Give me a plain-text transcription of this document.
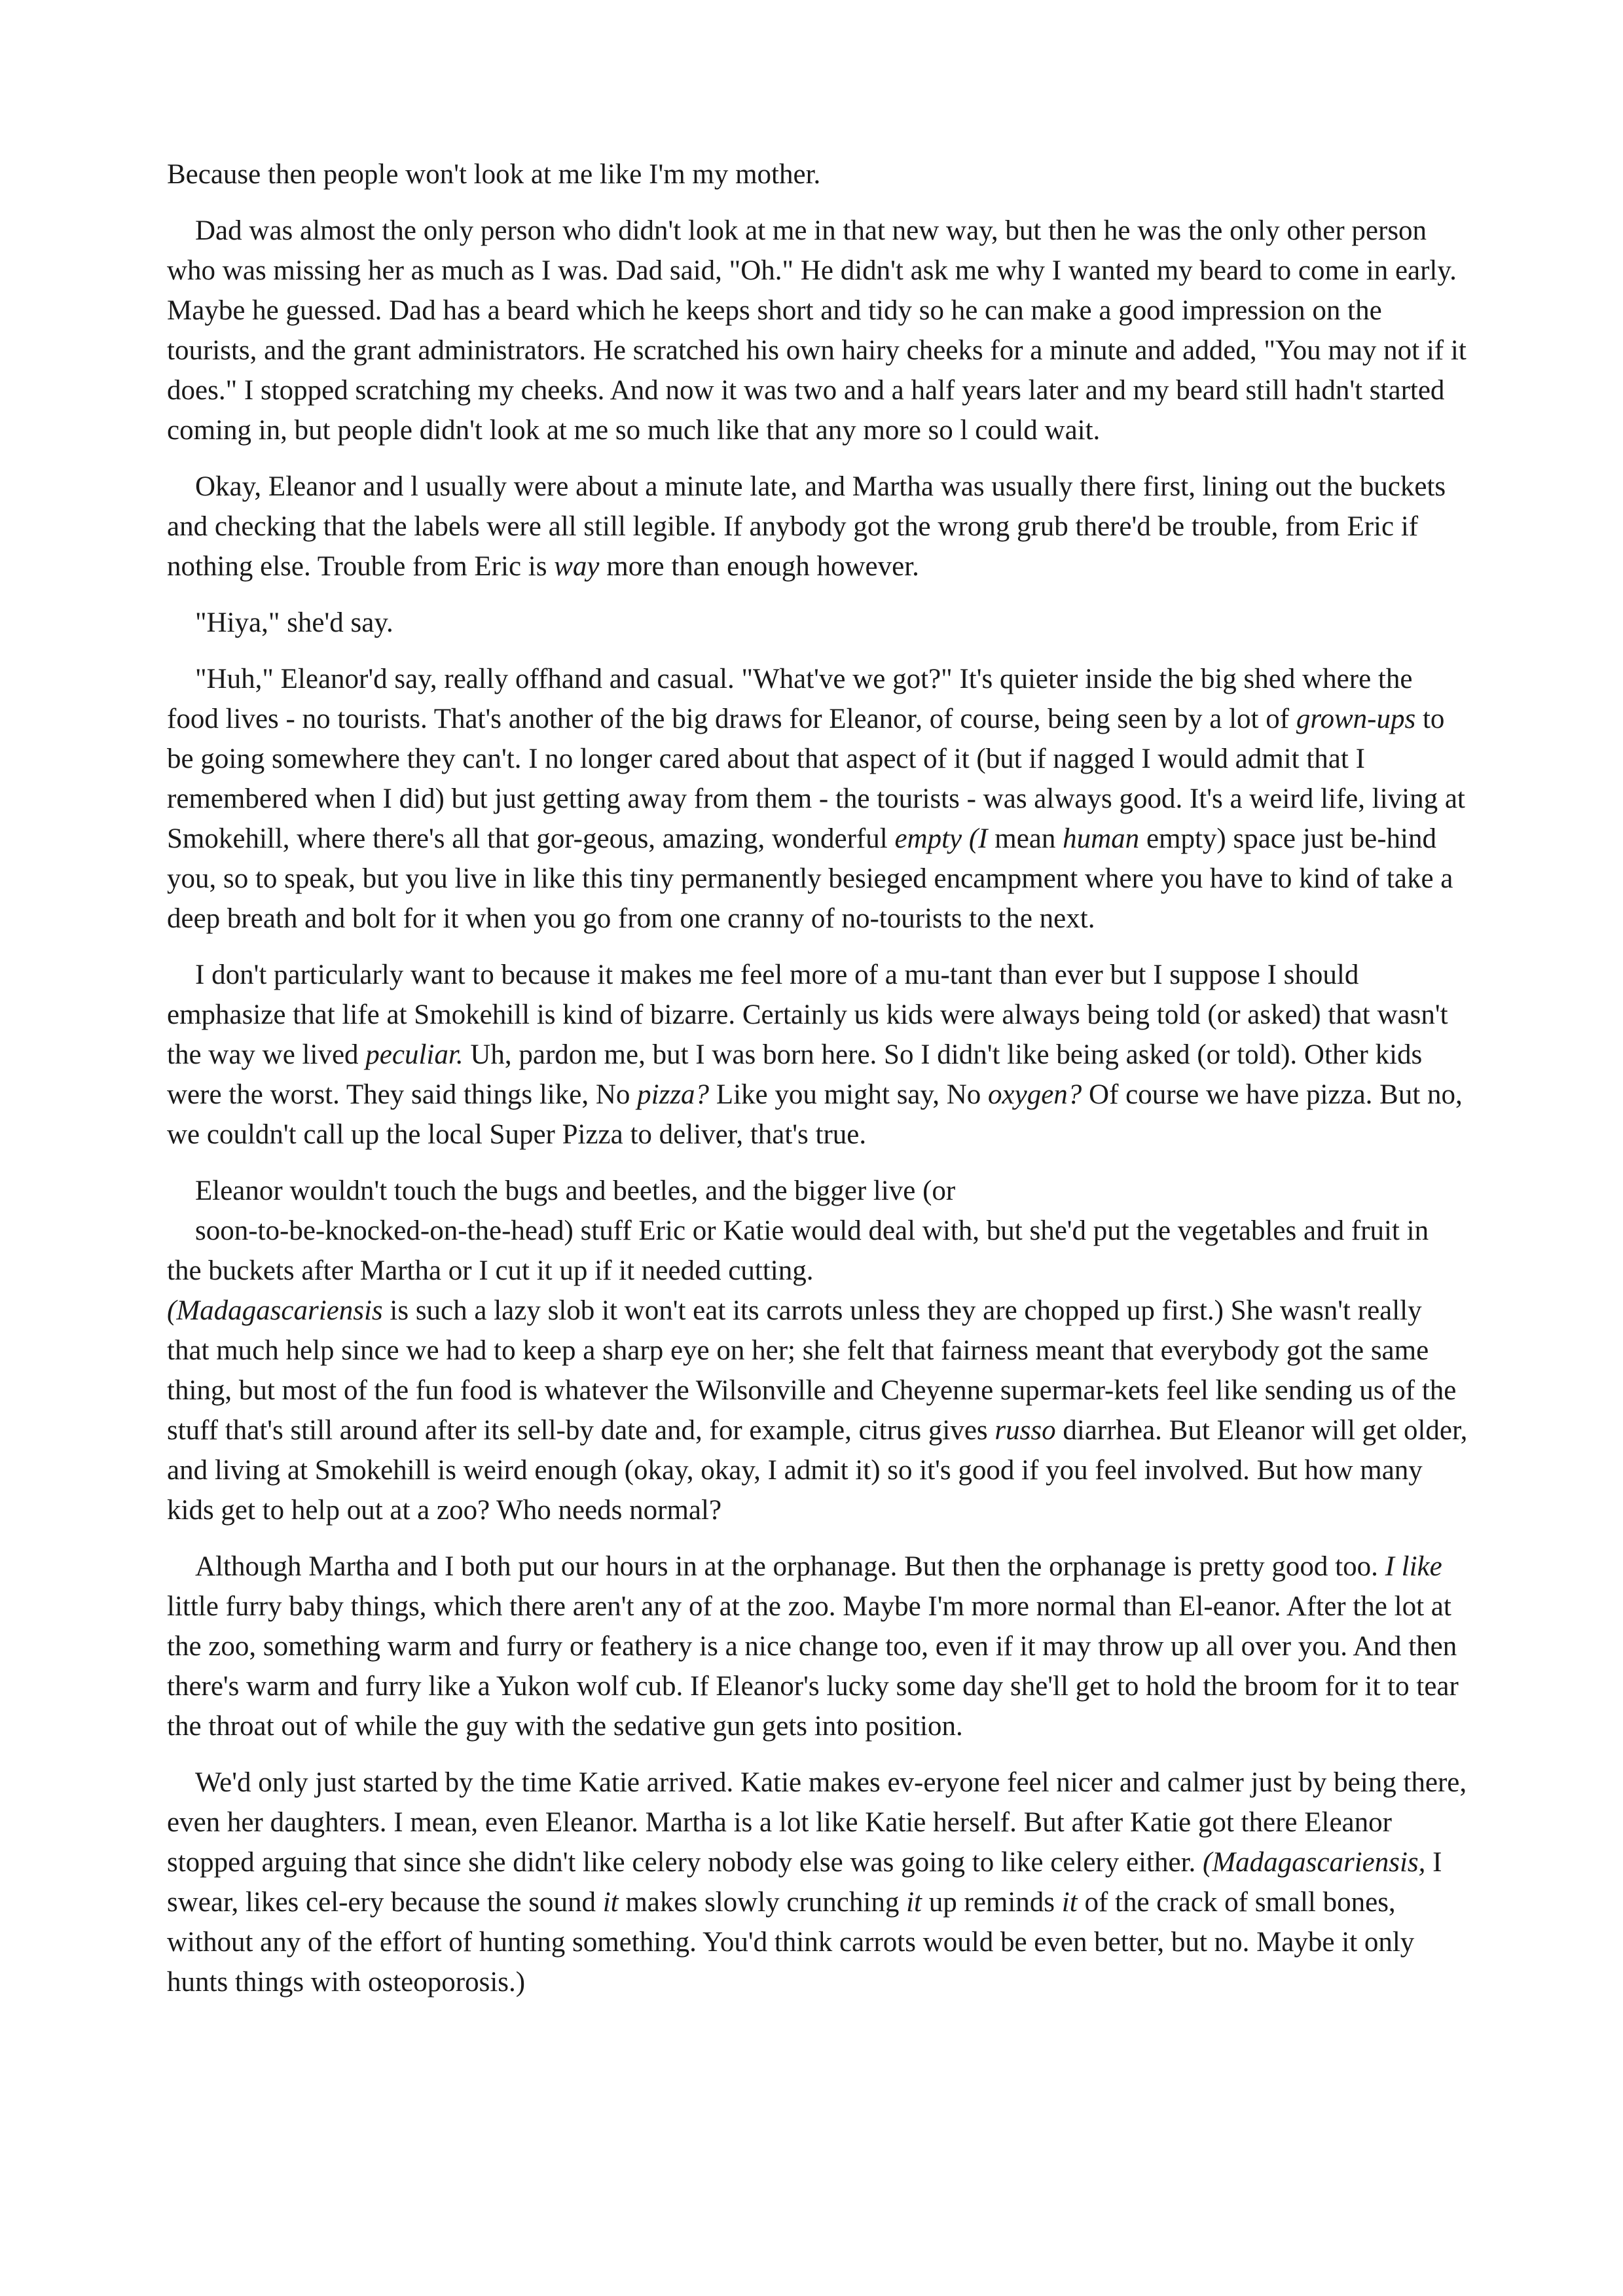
Because then people won't look at me like I'm my mother.

Dad was almost the only person who didn't look at me in that new way, but then he was the only other person who was missing her as much as I was. Dad said, "Oh." He didn't ask me why I wanted my beard to come in early. Maybe he guessed. Dad has a beard which he keeps short and tidy so he can make a good impression on the tourists, and the grant administrators. He scratched his own hairy cheeks for a minute and added, "You may not if it does." I stopped scratching my cheeks. And now it was two and a half years later and my beard still hadn't started coming in, but people didn't look at me so much like that any more so l could wait.

Okay, Eleanor and l usually were about a minute late, and Martha was usually there first, lining out the buckets and checking that the labels were all still legible. If anybody got the wrong grub there'd be trouble, from Eric if nothing else. Trouble from Eric is way more than enough however.

"Hiya," she'd say.

"Huh," Eleanor'd say, really offhand and casual. "What've we got?" It's quieter inside the big shed where the food lives - no tourists. That's another of the big draws for Eleanor, of course, being seen by a lot of grown-ups to be going somewhere they can't. I no longer cared about that aspect of it (but if nagged I would admit that I remembered when I did) but just getting away from them - the tourists - was always good. It's a weird life, living at Smokehill, where there's all that gor-geous, amazing, wonderful empty (I mean human empty) space just be-hind you, so to speak, but you live in like this tiny permanently besieged encampment where you have to kind of take a deep breath and bolt for it when you go from one cranny of no-tourists to the next.

I don't particularly want to because it makes me feel more of a mu-tant than ever but I suppose I should emphasize that life at Smokehill is kind of bizarre. Certainly us kids were always being told (or asked) that wasn't the way we lived peculiar. Uh, pardon me, but I was born here. So I didn't like being asked (or told). Other kids were the worst. They said things like, No pizza? Like you might say, No oxygen? Of course we have pizza. But no, we couldn't call up the local Super Pizza to deliver, that's true.

Eleanor wouldn't touch the bugs and beetles, and the bigger live (or
soon-to-be-knocked-on-the-head) stuff Eric or Katie would deal with, but she'd put the vegetables and fruit in the buckets after Martha or I cut it up if it needed cutting.
(Madagascariensis is such a lazy slob it won't eat its carrots unless they are chopped up first.) She wasn't really that much help since we had to keep a sharp eye on her; she felt that fairness meant that everybody got the same thing, but most of the fun food is whatever the Wilsonville and Cheyenne supermar-kets feel like sending us of the stuff that's still around after its sell-by date and, for example, citrus gives russo diarrhea. But Eleanor will get older, and living at Smokehill is weird enough (okay, okay, I admit it) so it's good if you feel involved. But how many kids get to help out at a zoo? Who needs normal?

Although Martha and I both put our hours in at the orphanage. But then the orphanage is pretty good too. I like little furry baby things, which there aren't any of at the zoo. Maybe I'm more normal than El-eanor. After the lot at the zoo, something warm and furry or feathery is a nice change too, even if it may throw up all over you. And then there's warm and furry like a Yukon wolf cub. If Eleanor's lucky some day she'll get to hold the broom for it to tear the throat out of while the guy with the sedative gun gets into position.

We'd only just started by the time Katie arrived. Katie makes ev-eryone feel nicer and calmer just by being there, even her daughters. I mean, even Eleanor. Martha is a lot like Katie herself. But after Katie got there Eleanor stopped arguing that since she didn't like celery nobody else was going to like celery either. (Madagascariensis, I swear, likes cel-ery because the sound it makes slowly crunching it up reminds it of the crack of small bones, without any of the effort of hunting something. You'd think carrots would be even better, but no. Maybe it only hunts things with osteoporosis.)
